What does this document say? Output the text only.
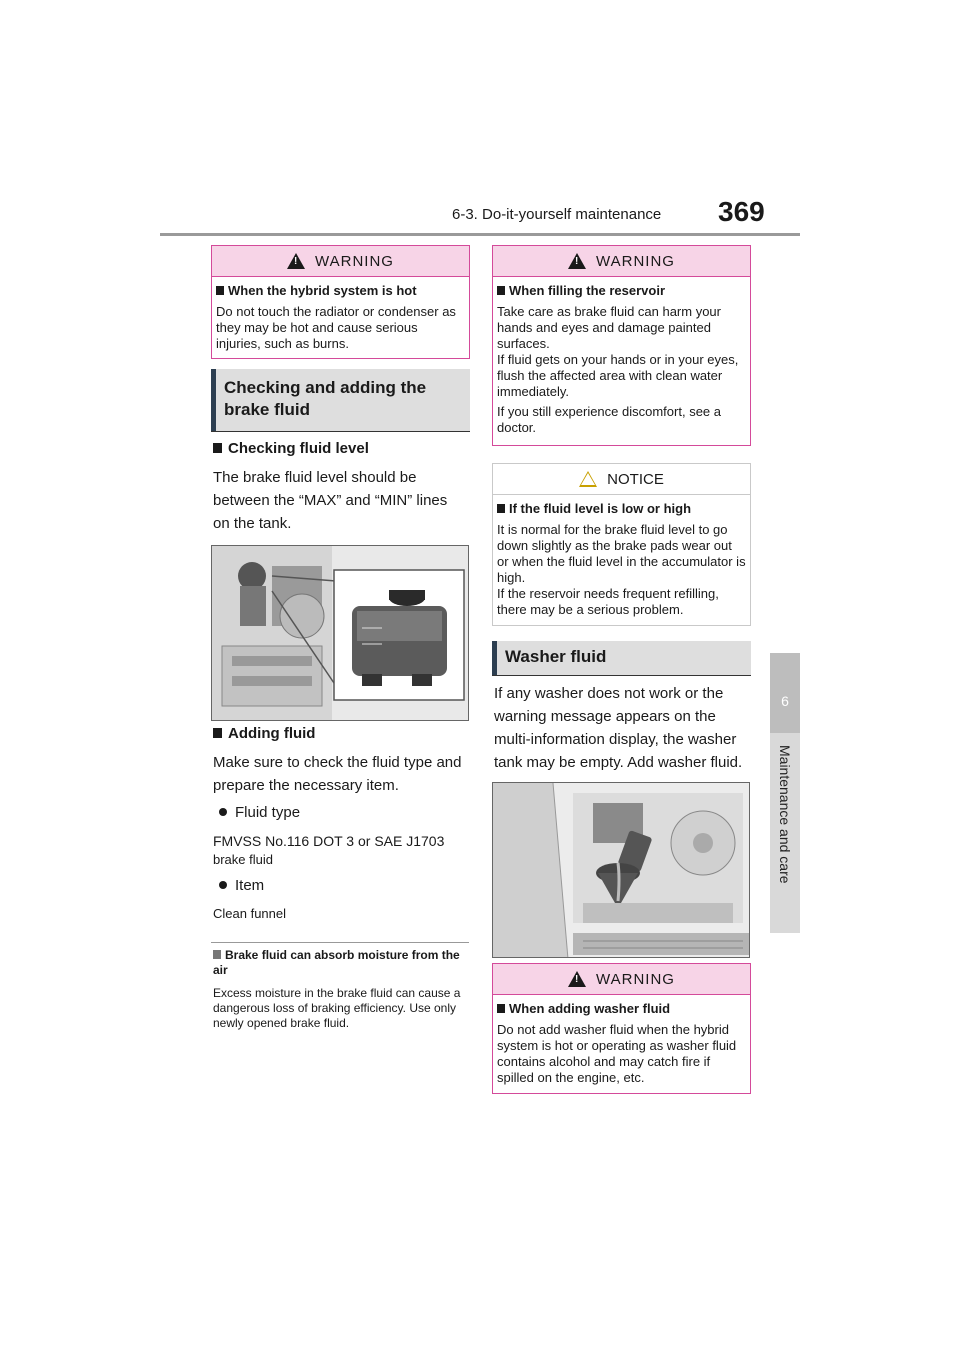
6-3. Do-it-yourself maintenance 369
6
Maintenance and care
!
WARNING
When the hybrid system is hot

Do not touch the radiator or condenser as they may be hot and cause serious injuries, such as burns.

Checking and adding the brake fluid
Checking fluid level
The brake fluid level should be between the “MAX” and “MIN” lines on the tank.
Adding fluid
Make sure to check the fluid type and prepare the necessary item.
Fluid type
FMVSS No.116 DOT 3 or SAE J1703
brake fluid
Item
Clean funnel
Brake fluid can absorb moisture from the air
Excess moisture in the brake fluid can cause a dangerous loss of braking efficiency. Use only newly opened brake fluid.
!
WARNING
When filling the reservoir

Take care as brake fluid can harm your hands and eyes and damage painted surfaces.

If fluid gets on your hands or in your eyes, flush the affected area with clean water immediately.

If you still experience discomfort, see a doctor.

NOTICE
If the fluid level is low or high

It is normal for the brake fluid level to go down slightly as the brake pads wear out or when the fluid level in the accumulator is high.

If the reservoir needs frequent refilling, there may be a serious problem.

Washer fluid
If any washer does not work or the warning message appears on the multi-information display, the washer tank may be empty. Add washer fluid.
!
WARNING
When adding washer fluid

Do not add washer fluid when the hybrid system is hot or operating as washer fluid contains alcohol and may catch fire if spilled on the engine, etc.
